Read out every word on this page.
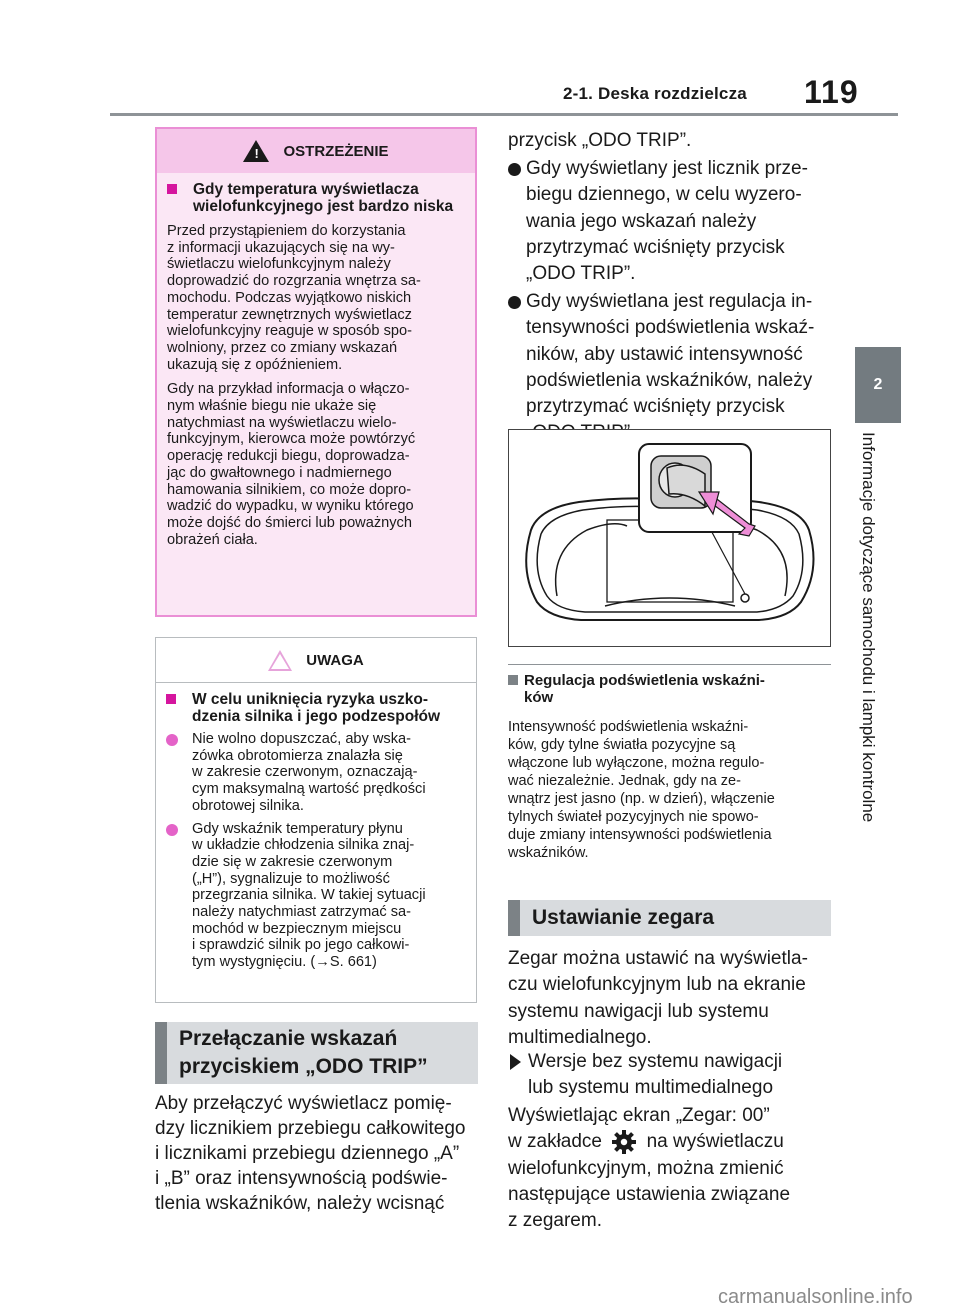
2-1. Deska rozdzielcza 119
2
Informacje dotyczące samochodu i lampki kontrolne
! OSTRZEŻENIE
Gdy temperatura wyświetlacza wielofunkcyjnego jest bardzo niska
Przed przystąpieniem do korzystania
z informacji ukazujących się na wy-
świetlaczu wielofunkcyjnym należy
doprowadzić do rozgrzania wnętrza sa-
mochodu. Podczas wyjątkowo niskich
temperatur zewnętrznych wyświetlacz
wielofunkcyjny reaguje w sposób spo-
wolniony, przez co zmiany wskazań
ukazują się z opóźnieniem.
Gdy na przykład informacja o włączo-
nym właśnie biegu nie ukaże się
natychmiast na wyświetlaczu wielo-
funkcyjnym, kierowca może powtórzyć
operację redukcji biegu, doprowadza-
jąc do gwałtownego i nadmiernego
hamowania silnikiem, co może dopro-
wadzić do wypadku, w wyniku którego
może dojść do śmierci lub poważnych
obrażeń ciała.
UWAGA
W celu uniknięcia ryzyka uszko- dzenia silnika i jego podzespołów
Nie wolno dopuszczać, aby wska-
zówka obrotomierza znalazła się
w zakresie czerwonym, oznaczają-
cym maksymalną wartość prędkości
obrotowej silnika.
Gdy wskaźnik temperatury płynu
w układzie chłodzenia silnika znaj-
dzie się w zakresie czerwonym
(„H”), sygnalizuje to możliwość
przegrzania silnika. W takiej sytuacji
należy natychmiast zatrzymać sa-
mochód w bezpiecznym miejscu
i sprawdzić silnik po jego całkowi-
tym wystygnięciu. (→S. 661)
Przełączanie wskazań
przyciskiem „ODO TRIP”
Aby przełączyć wyświetlacz pomię-
dzy licznikiem przebiegu całkowitego
i licznikami przebiegu dziennego „A”
i „B” oraz intensywnością podświe-
tlenia wskaźników, należy wcisnąć
przycisk „ODO TRIP”.
Gdy wyświetlany jest licznik prze-
biegu dziennego, w celu wyzero-
wania jego wskazań należy
przytrzymać wciśnięty przycisk
„ODO TRIP”.
Gdy wyświetlana jest regulacja in-
tensywności podświetlenia wskaź-
ników, aby ustawić intensywność
podświetlenia wskaźników, należy
przytrzymać wciśnięty przycisk
Regulacja podświetlenia wskaźni-
ków
Intensywność podświetlenia wskaźni-
ków, gdy tylne światła pozycyjne są
włączone lub wyłączone, można regulo-
wać niezależnie. Jednak, gdy na ze-
wnątrz jest jasno (np. w dzień), włączenie
tylnych świateł pozycyjnych nie spowo-
duje zmiany intensywności podświetlenia
wskaźników.
Ustawianie zegara
Zegar można ustawić na wyświetla-
czu wielofunkcyjnym lub na ekranie
systemu nawigacji lub systemu
multimedialnego.
Wersje bez systemu nawigacji
lub systemu multimedialnego
Wyświetlając ekran „Zegar: 00”
w zakładce na wyświetlaczu
wielofunkcyjnym, można zmienić
następujące ustawienia związane
z zegarem.
carmanualsonline.info
